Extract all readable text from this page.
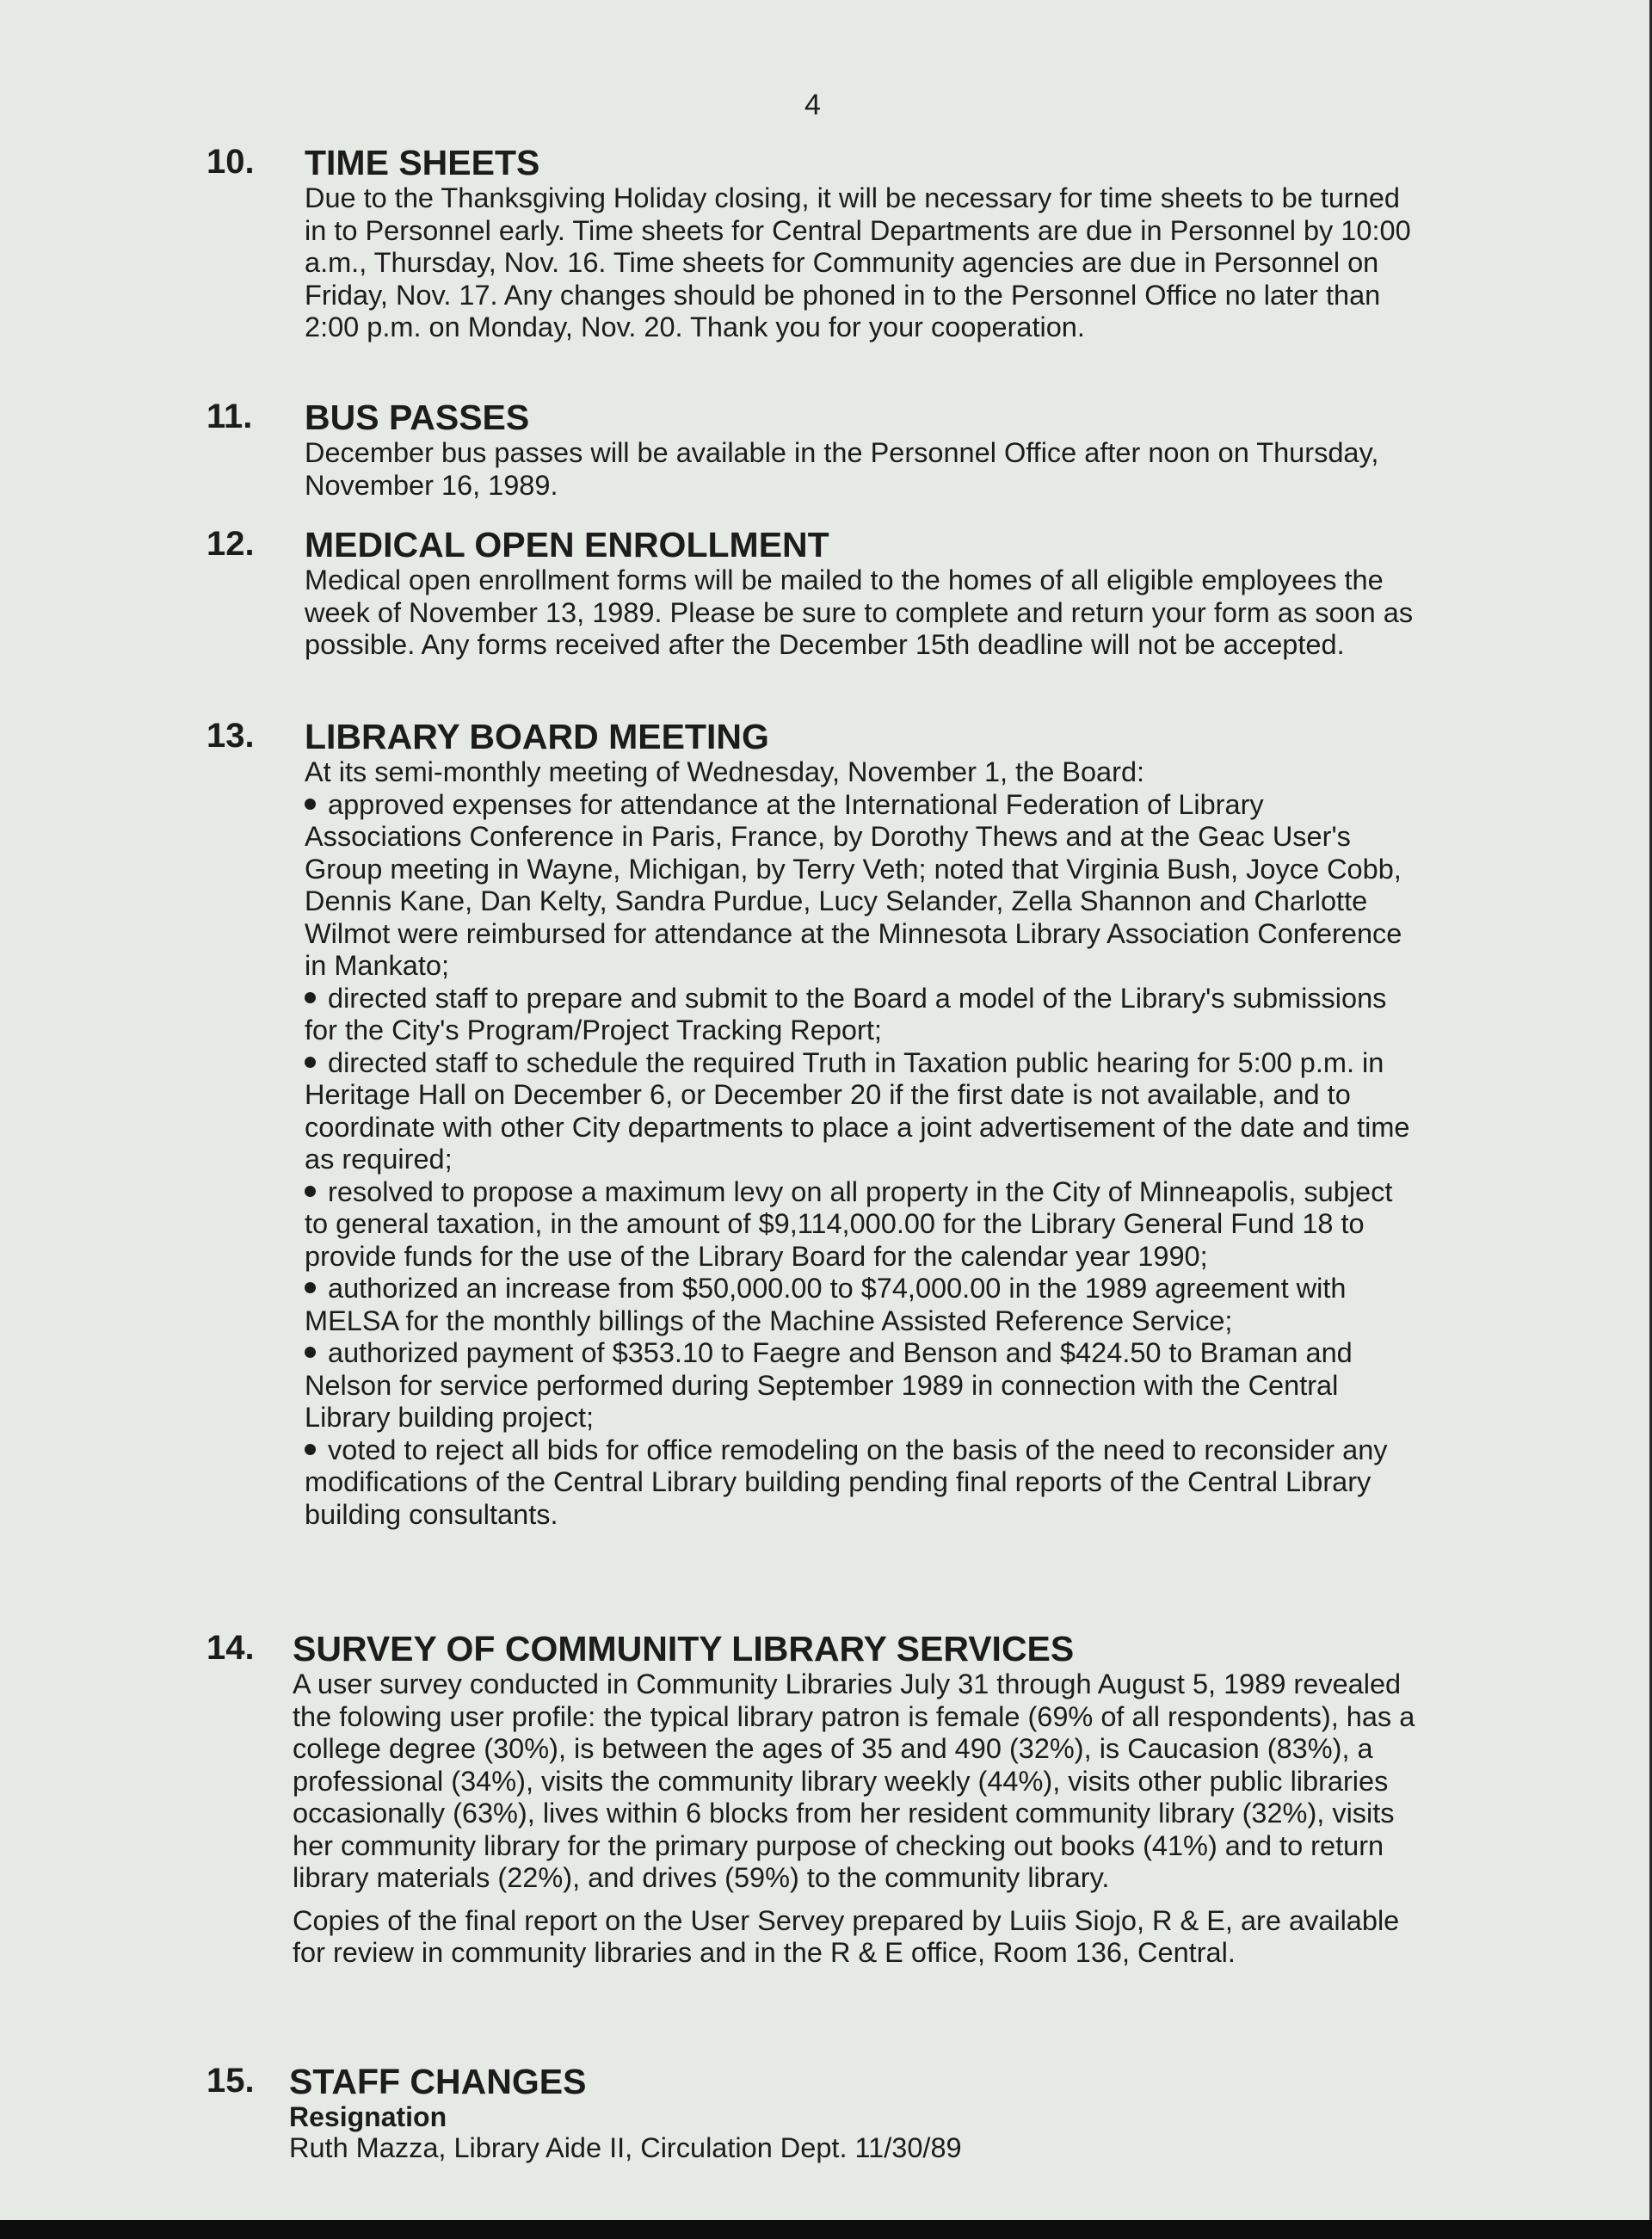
4
10. TIME SHEETS

Due to the Thanksgiving Holiday closing, it will be necessary for time sheets to be turned in to Personnel early. Time sheets for Central Departments are due in Personnel by 10:00 a.m., Thursday, Nov. 16. Time sheets for Community agencies are due in Personnel on Friday, Nov. 17. Any changes should be phoned in to the Personnel Office no later than 2:00 p.m. on Monday, Nov. 20. Thank you for your cooperation.

11. BUS PASSES

December bus passes will be available in the Personnel Office after noon on Thursday, November 16, 1989.

12. MEDICAL OPEN ENROLLMENT

Medical open enrollment forms will be mailed to the homes of all eligible employees the week of November 13, 1989. Please be sure to complete and return your form as soon as possible. Any forms received after the December 15th deadline will not be accepted.

13. LIBRARY BOARD MEETING

At its semi-monthly meeting of Wednesday, November 1, the Board:

approved expenses for attendance at the International Federation of Library Associations Conference in Paris, France, by Dorothy Thews and at the Geac User's Group meeting in Wayne, Michigan, by Terry Veth; noted that Virginia Bush, Joyce Cobb, Dennis Kane, Dan Kelty, Sandra Purdue, Lucy Selander, Zella Shannon and Charlotte Wilmot were reimbursed for attendance at the Minnesota Library Association Conference in Mankato;

directed staff to prepare and submit to the Board a model of the Library's submissions for the City's Program/Project Tracking Report;

directed staff to schedule the required Truth in Taxation public hearing for 5:00 p.m. in Heritage Hall on December 6, or December 20 if the first date is not available, and to coordinate with other City departments to place a joint advertisement of the date and time as required;

resolved to propose a maximum levy on all property in the City of Minneapolis, subject to general taxation, in the amount of $9,114,000.00 for the Library General Fund 18 to provide funds for the use of the Library Board for the calendar year 1990;

authorized an increase from $50,000.00 to $74,000.00 in the 1989 agreement with MELSA for the monthly billings of the Machine Assisted Reference Service;

authorized payment of $353.10 to Faegre and Benson and $424.50 to Braman and Nelson for service performed during September 1989 in connection with the Central Library building project;

voted to reject all bids for office remodeling on the basis of the need to reconsider any modifications of the Central Library building pending final reports of the Central Library building consultants.

14. SURVEY OF COMMUNITY LIBRARY SERVICES

A user survey conducted in Community Libraries July 31 through August 5, 1989 revealed the folowing user profile: the typical library patron is female (69% of all respondents), has a college degree (30%), is between the ages of 35 and 490 (32%), is Caucasion (83%), a professional (34%), visits the community library weekly (44%), visits other public libraries occasionally (63%), lives within 6 blocks from her resident community library (32%), visits her community library for the primary purpose of checking out books (41%) and to return library materials (22%), and drives (59%) to the community library.

Copies of the final report on the User Servey prepared by Luiis Siojo, R & E, are available for review in community libraries and in the R & E office, Room 136, Central.

15. STAFF CHANGES

Resignation

Ruth Mazza, Library Aide II, Circulation Dept. 11/30/89
